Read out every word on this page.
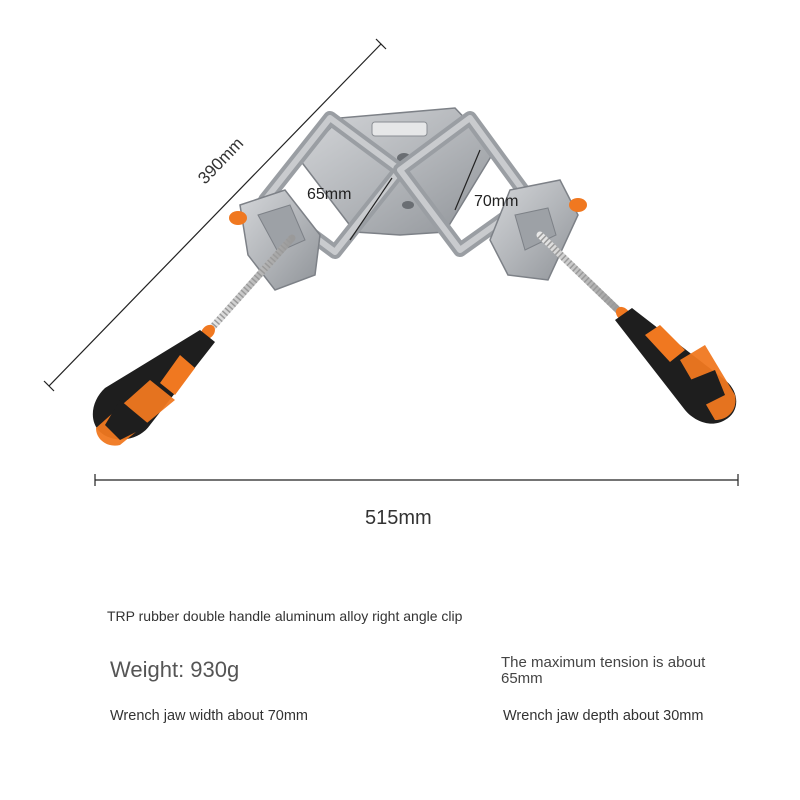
390mm
515mm
65mm	70mm
TRP rubber double handle aluminum alloy right angle clip
Weight: 930g	The maximum tension is about 65mm
Wrench jaw width about 70mm	Wrench jaw depth about 30mm
